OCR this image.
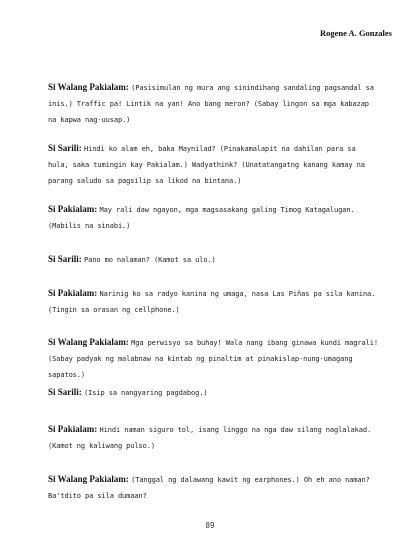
Rogene A. Gonzales
Si Walang Pakialam: (Pasisimulan ng mura ang sinindihang sandaling pagsandal sa inis.) Traffic pa! Lintik na yan! Ano bang meron? (Sabay lingon sa mga kabazap na kapwa nag-uusap.)
Si Sarili: Hindi ko alam eh, baka Maynilad? (Pinakamalapit na dahilan para sa hula, saka tumingin kay Pakialam.) Wadyathink? (Unatatangatng kanang kamay na parang saludo sa pagsilip sa likod na bintana.)
Si Pakialam: May rali daw ngayon, mga magsasakang galing Timog Katagalugan. (Mabilis na sinabi.)
Si Sarili: Pano mo nalaman? (Kamot sa ulo.)
Si Pakialam: Narinig ko sa radyo kanina ng umaga, nasa Las Piñas pa sila kanina. (Tingin sa orasan ng cellphone.)
Si Walang Pakialam: Mga perwisyo sa buhay! Wala nang ibang ginawa kundi magrali! (Sabay padyak ng malabnaw na kintab ng pinaltim at pinakislap-nung-umagang sapatos.)
Si Sarili: (Isip sa nangyaring pagdabog.)
Si Pakialam: Hindi naman siguro tol, isang linggo na nga daw silang naglalakad. (Kamot ng kaliwang pulso.)
Si Walang Pakialam: (Tanggal ng dalawang kawit ng earphones.) Oh eh ano naman? Ba'tdito pa sila dumaan?
89
